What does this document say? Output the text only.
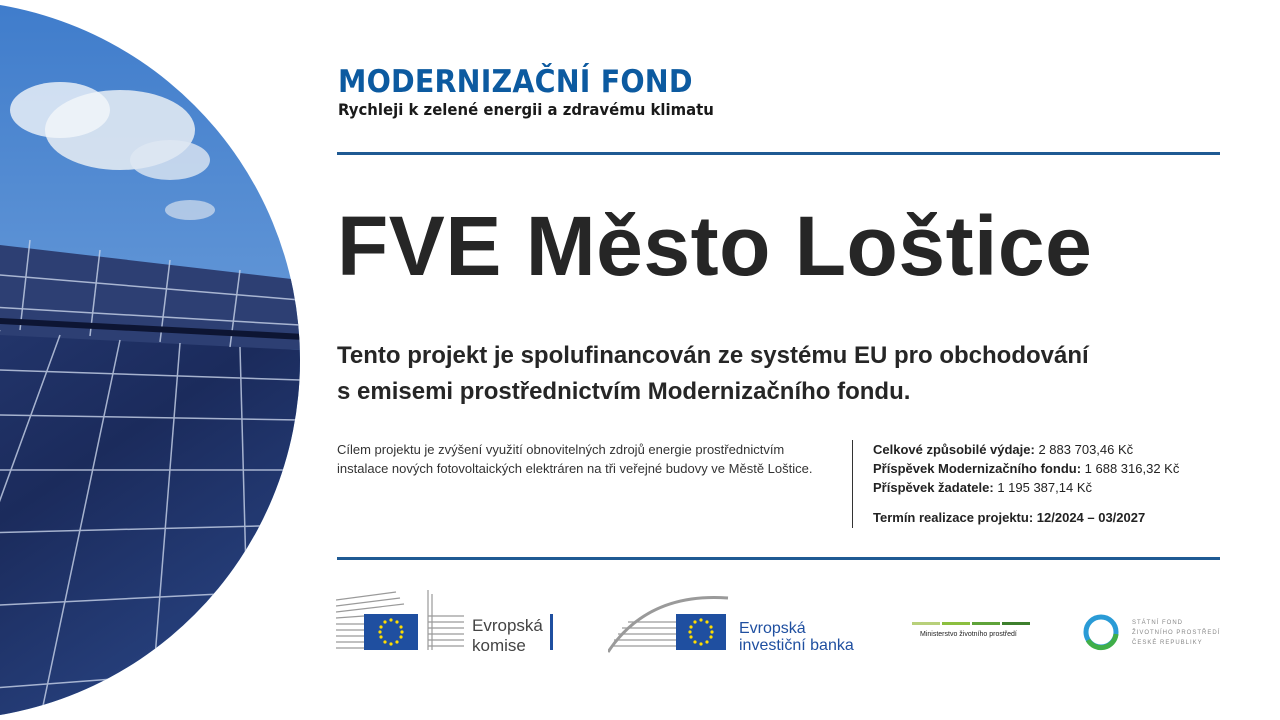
MODERNIZAČNÍ FOND
Rychleji k zelené energii a zdravému klimatu
FVE Město Loštice
Tento projekt je spolufinancován ze systému EU pro obchodování
s emisemi prostřednictvím Modernizačního fondu.
Cílem projektu je zvýšení využití obnovitelných zdrojů energie prostřednictvím
instalace nových fotovoltaických elektráren na tři veřejné budovy ve Městě Loštice.
Celkové způsobilé výdaje: 2 883 703,46 Kč
Příspěvek Modernizačního fondu: 1 688 316,32 Kč
Příspěvek žadatele: 1 195 387,14 Kč
Termín realizace projektu: 12/2024 – 03/2027
Evropská
komise
Evropská
investiční banka
Ministerstvo životního prostředí
STÁTNÍ FOND
ŽIVOTNÍHO PROSTŘEDÍ
ČESKÉ REPUBLIKY
